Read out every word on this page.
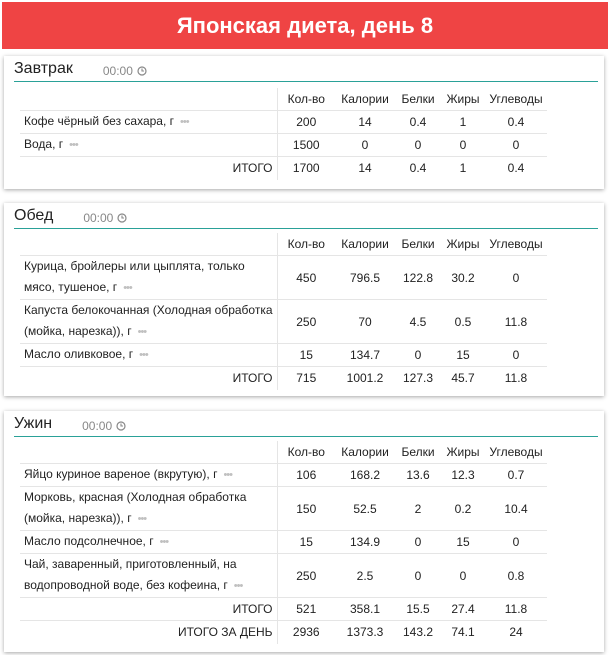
Японская диета, день 8
Завтрак	00:00
	Кол-во	Калории	Белки	Жиры	Углеводы
Кофе чёрный без сахара, г •••	200	14	0.4	1	0.4
Вода, г •••	1500	0	0	0	0
ИТОГО	1700	14	0.4	1	0.4
Обед	00:00
	Кол-во	Калории	Белки	Жиры	Углеводы
Курица, бройлеры или цыплята, только мясо, тушеное, г •••	450	796.5	122.8	30.2	0
Капуста белокочанная (Холодная обработка (мойка, нарезка)), г •••	250	70	4.5	0.5	11.8
Масло оливковое, г •••	15	134.7	0	15	0
ИТОГО	715	1001.2	127.3	45.7	11.8
Ужин	00:00
	Кол-во	Калории	Белки	Жиры	Углеводы
Яйцо куриное вареное (вкрутую), г •••	106	168.2	13.6	12.3	0.7
Морковь, красная (Холодная обработка (мойка, нарезка)), г •••	150	52.5	2	0.2	10.4
Масло подсолнечное, г •••	15	134.9	0	15	0
Чай, заваренный, приготовленный, на водопроводной воде, без кофеина, г •••	250	2.5	0	0	0.8
ИТОГО	521	358.1	15.5	27.4	11.8
ИТОГО ЗА ДЕНЬ	2936	1373.3	143.2	74.1	24
